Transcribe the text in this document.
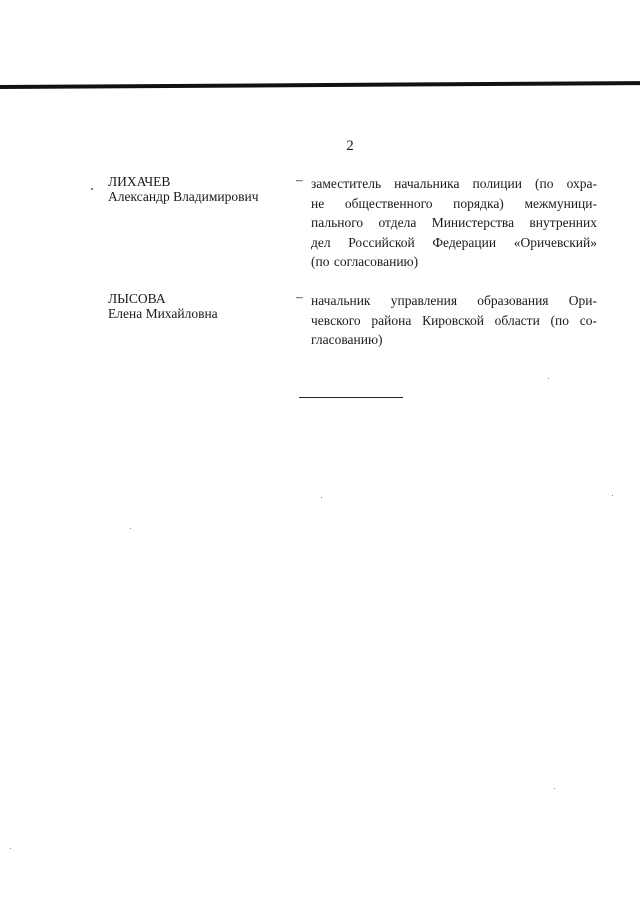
2
ЛИХАЧЕВ
Александр Владимирович
– заместитель начальника полиции (по охра-
не общественного порядка) межмуници-
пального отдела Министерства внутренних
дел Российской Федерации «Оричевский»
(по согласованию)
ЛЫСОВА
Елена Михайловна
– начальник управления образования Ори-
чевского района Кировской области (по со-
гласованию)
